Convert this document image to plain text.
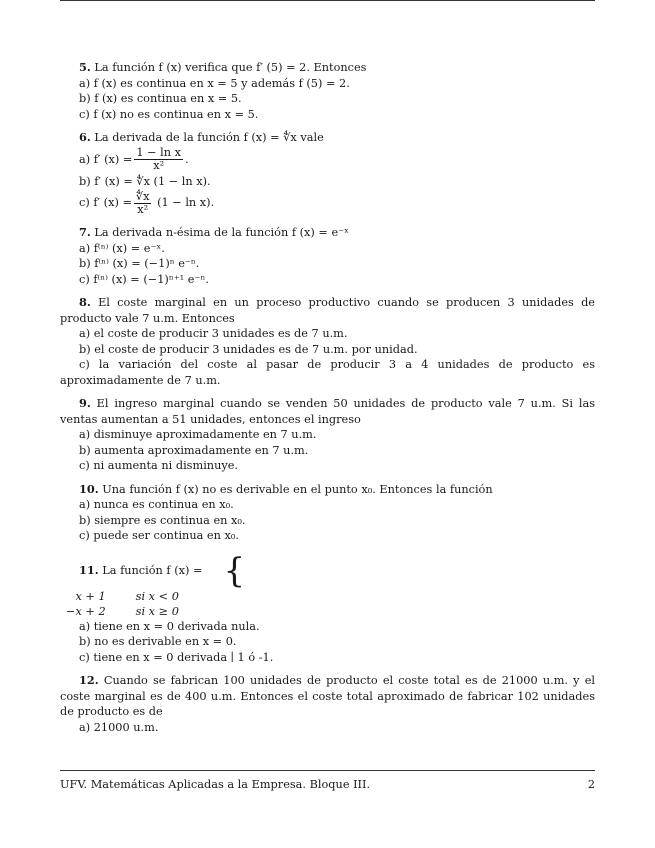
5. La función f (x) verifica que f′ (5) = 2. Entonces

a) f (x) es continua en x = 5 y además f (5) = 2.

b) f (x) es continua en x = 5.

c) f (x) no es continua en x = 5.

6. La derivada de la función f (x) = ∜x vale

a) f′ $(x) = \frac{\text{1 − ln x}}{\text{x²}}$ .

b) f′ (x) = ∜x (1 − ln x).

c) f′ $(x) = \frac{∜x}{\text{x²}} (1 - \ln x)$.

7. La derivada n-ésima de la función f (x) = e⁻ˣ

a) f⁽ⁿ⁾ (x) = e⁻ˣ.

b) f⁽ⁿ⁾ (x) = (−1)ⁿ e⁻ⁿ.

c) f⁽ⁿ⁾ (x) = (−1)ⁿ⁺¹ e⁻ⁿ.

8. El coste marginal en un proceso productivo cuando se producen 3 unidades de producto vale 7 u.m. Entonces

a) el coste de producir 3 unidades es de 7 u.m.

b) el coste de producir 3 unidades es de 7 u.m. por unidad.

c) la variación del coste al pasar de producir 3 a 4 unidades de producto es aproximadamente de 7 u.m.

9. El ingreso marginal cuando se venden 50 unidades de producto vale 7 u.m. Si las ventas aumentan a 51 unidades, entonces el ingreso

a) disminuye aproximadamente en 7 u.m.

b) aumenta aproximadamente en 7 u.m.

c) ni aumenta ni disminuye.

10. Una función f (x) no es derivable en el punto x₀. Entonces la función

a) nunca es continua en x₀.

b) siempre es continua en x₀.

c) puede ser continua en x₀.

11. La función f (x) = {

x + 1	si x < 0
−x + 2	si x ≥ 0

a) tiene en x = 0 derivada nula.

b) no es derivable en x = 0.

c) tiene en x = 0 derivada ∣ 1 ó -1.

12. Cuando se fabrican 100 unidades de producto el coste total es de 21000 u.m. y el coste marginal es de 400 u.m. Entonces el coste total aproximado de fabricar 102 unidades de producto es de

a) 21000 u.m.

UFV. Matemáticas Aplicadas a la Empresa. Bloque III.	2
